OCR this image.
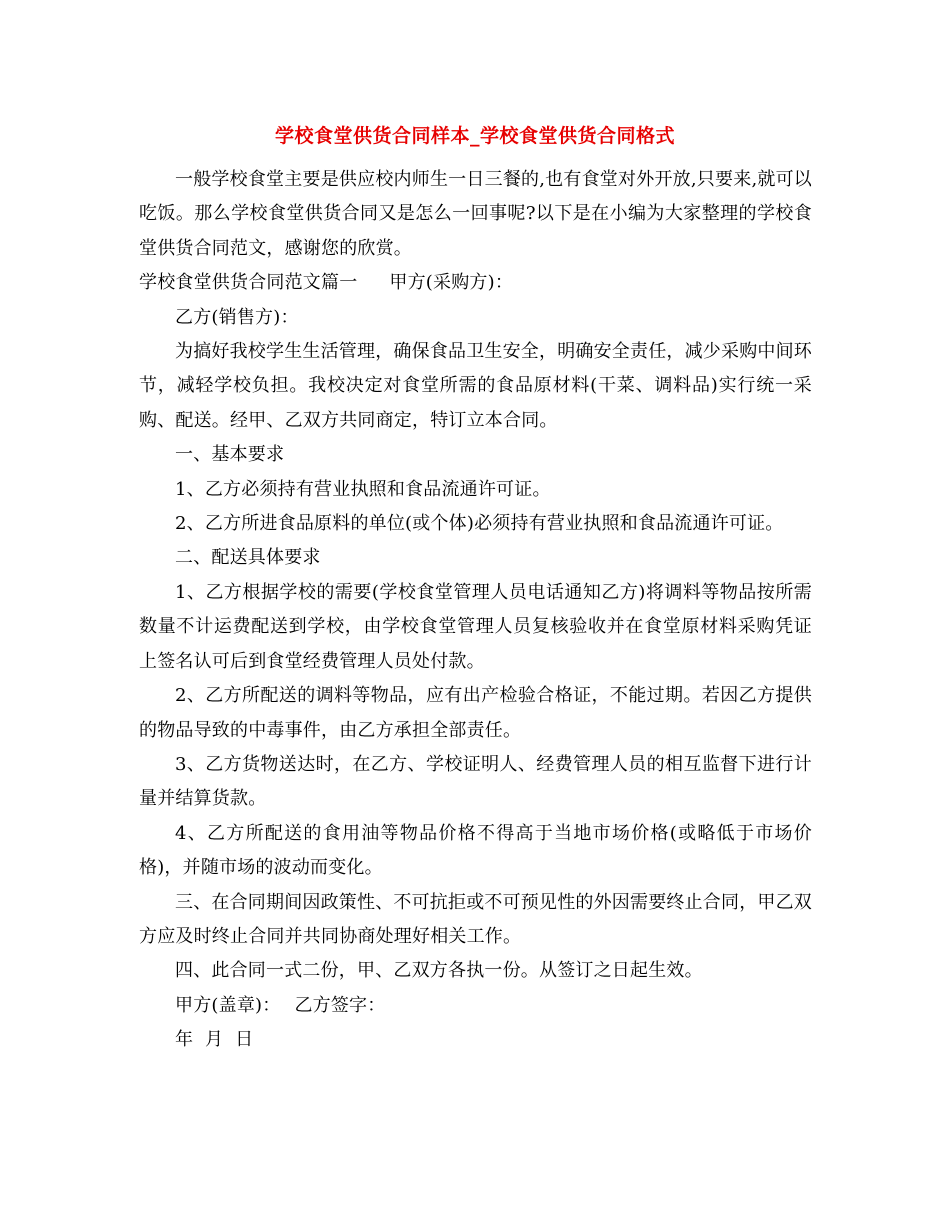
学校食堂供货合同样本_学校食堂供货合同格式

一般学校食堂主要是供应校内师生一日三餐的,也有食堂对外开放,只要来,就可以吃饭。那么学校食堂供货合同又是怎么一回事呢?以下是在小编为大家整理的学校食堂供货合同范文，感谢您的欣赏。

学校食堂供货合同范文篇一 甲方(采购方)：

乙方(销售方)：

为搞好我校学生生活管理，确保食品卫生安全，明确安全责任，减少采购中间环节，减轻学校负担。我校决定对食堂所需的食品原材料(干菜、调料品)实行统一采购、配送。经甲、乙双方共同商定，特订立本合同。

一、基本要求

1、乙方必须持有营业执照和食品流通许可证。

2、乙方所进食品原料的单位(或个体)必须持有营业执照和食品流通许可证。

二、配送具体要求

1、乙方根据学校的需要(学校食堂管理人员电话通知乙方)将调料等物品按所需数量不计运费配送到学校，由学校食堂管理人员复核验收并在食堂原材料采购凭证上签名认可后到食堂经费管理人员处付款。

2、乙方所配送的调料等物品，应有出产检验合格证，不能过期。若因乙方提供的物品导致的中毒事件，由乙方承担全部责任。

3、乙方货物送达时，在乙方、学校证明人、经费管理人员的相互监督下进行计量并结算货款。

4、乙方所配送的食用油等物品价格不得高于当地市场价格(或略低于市场价格)，并随市场的波动而变化。

三、在合同期间因政策性、不可抗拒或不可预见性的外因需要终止合同，甲乙双方应及时终止合同并共同协商处理好相关工作。

四、此合同一式二份，甲、乙双方各执一份。从签订之日起生效。

甲方(盖章)： 乙方签字：

年  月  日
